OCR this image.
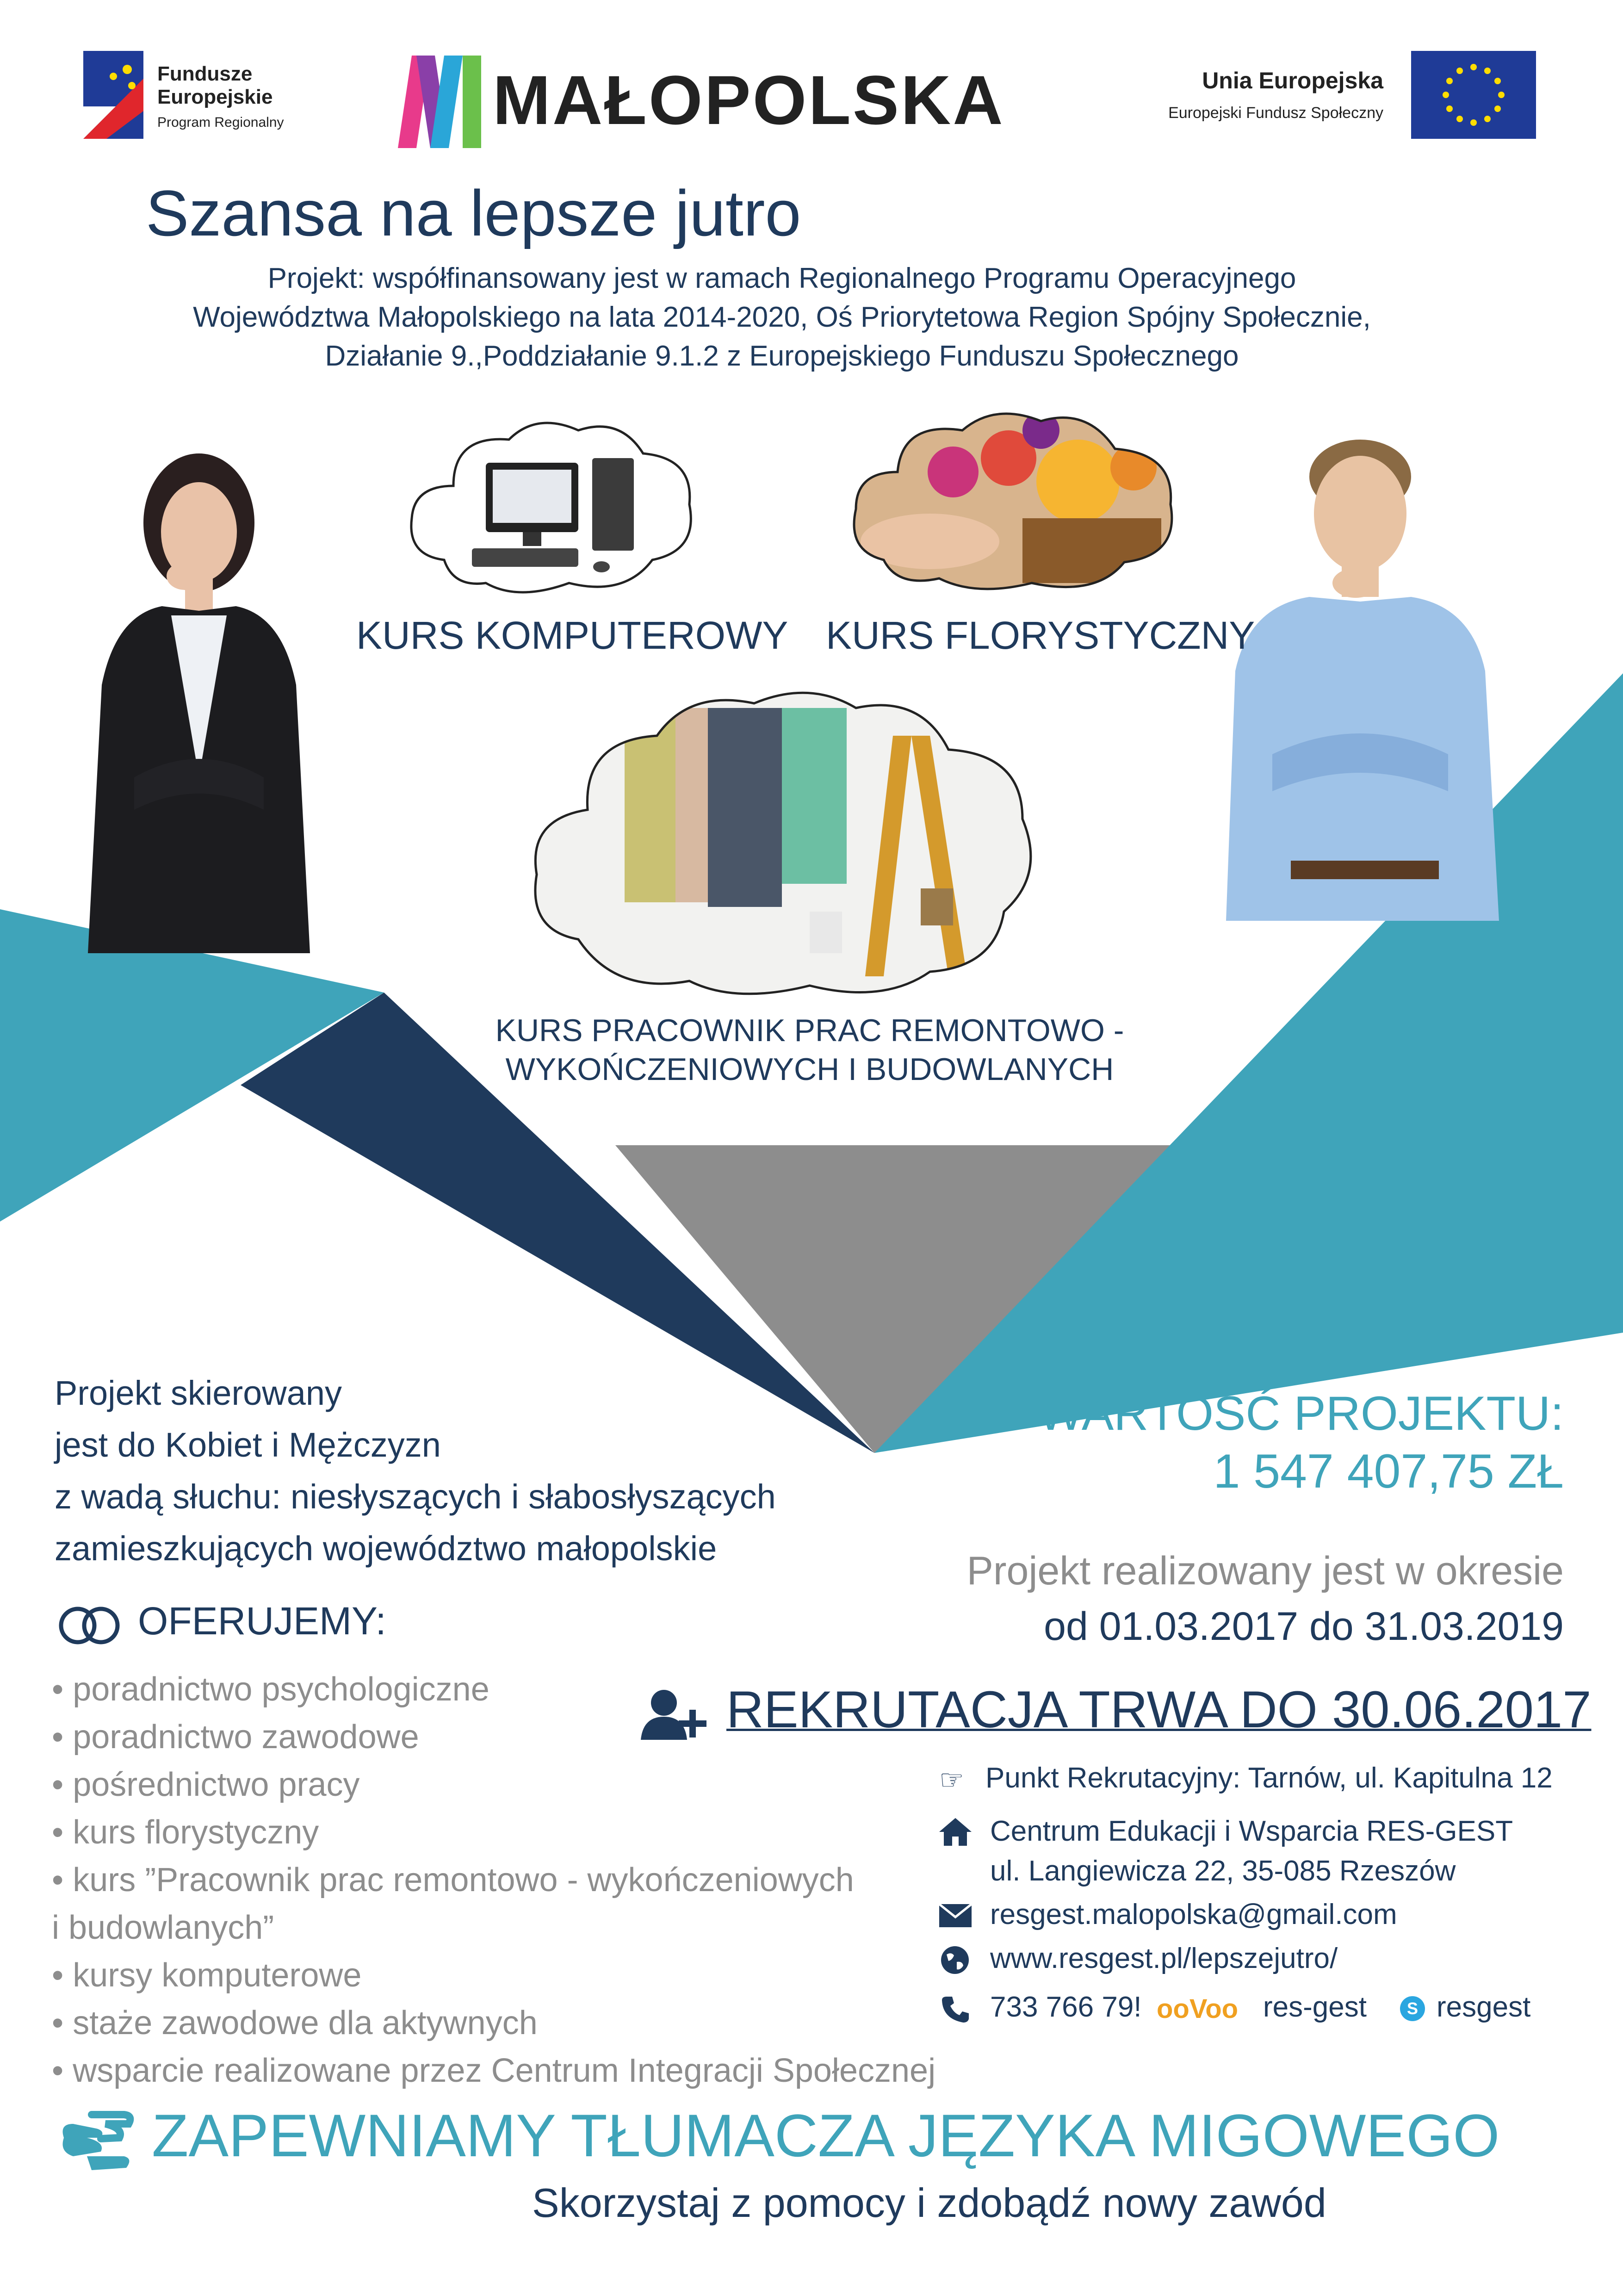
Fundusze
Europejskie
Program Regionalny	MAŁOPOLSKA	Unia Europejska
Europejski Fundusz Społeczny
Szansa na lepsze jutro
Projekt: współfinansowany jest w ramach Regionalnego Programu Operacyjnego
Województwa Małopolskiego na lata 2014-2020, Oś Priorytetowa Region Spójny Społecznie,
Działanie 9.,Poddziałanie 9.1.2 z Europejskiego Funduszu Społecznego
KURS KOMPUTEROWY KURS FLORYSTYCZNY
KURS PRACOWNIK PRAC REMONTOWO -
WYKOŃCZENIOWYCH I BUDOWLANYCH
Projekt skierowany
jest do Kobiet i Mężczyzn
z wadą słuchu: niesłyszących i słabosłyszących
zamieszkujących województwo małopolskie
WARTOŚĆ PROJEKTU:
1 547 407,75 ZŁ
Projekt realizowany jest w okresie
od 01.03.2017 do 31.03.2019
OFERUJEMY:
• poradnictwo psychologiczne
• poradnictwo zawodowe
• pośrednictwo pracy
• kurs florystyczny
• kurs ”Pracownik prac remontowo - wykończeniowych
i budowlanych”
• kursy komputerowe
• staże zawodowe dla aktywnych
• wsparcie realizowane przez Centrum Integracji Społecznej
REKRUTACJA TRWA DO 30.06.2017
☞ Punkt Rekrutacyjny: Tarnów, ul. Kapitulna 12
Centrum Edukacji i Wsparcia RES-GEST
ul. Langiewicza 22, 35-085 Rzeszów
resgest.malopolska@gmail.com
www.resgest.pl/lepszejutro/
733 766 79! ooVoo res-gest S resgest
ZAPEWNIAMY TŁUMACZA JĘZYKA MIGOWEGO
Skorzystaj z pomocy i zdobądź nowy zawód
